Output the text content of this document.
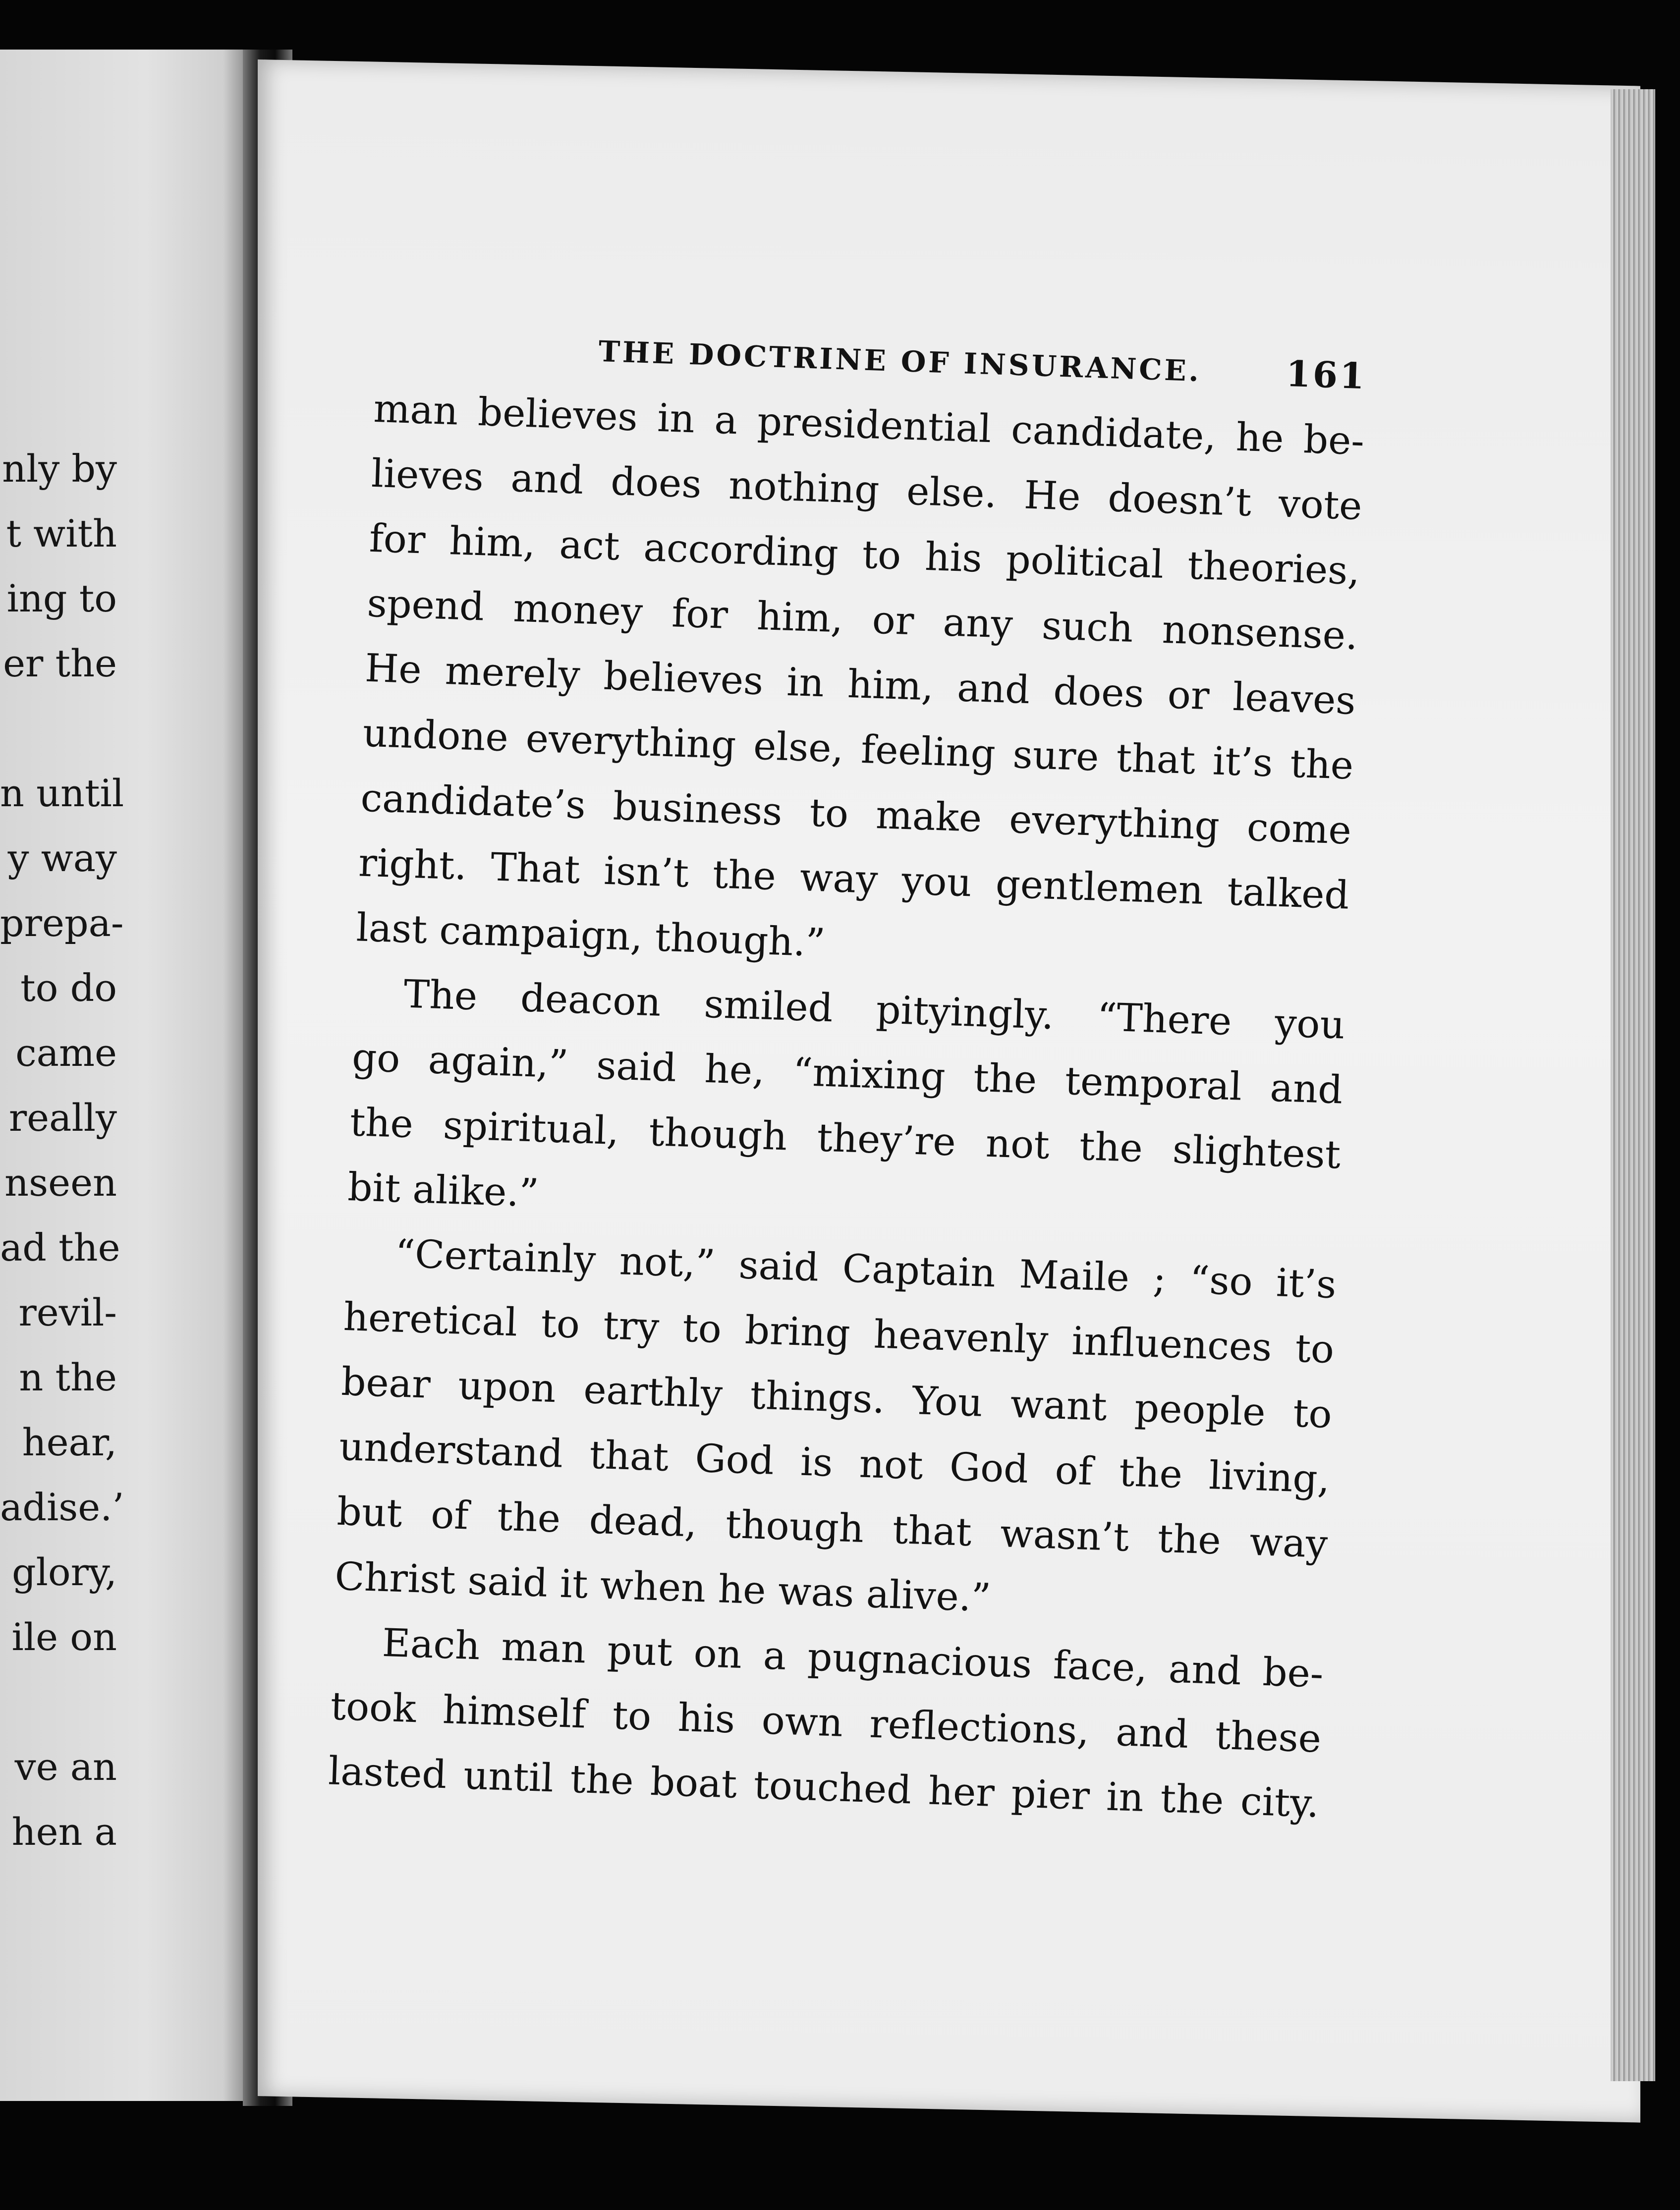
nly by
t with
ing to
er the
n until
y way
prepa-
to do
came
really
nseen
ad the
revil-
n the
hear,
adise.’
glory,
ile on
ve an
hen a
THE DOCTRINE OF INSURANCE. 161
man believes in a presidential candidate, he be-
lieves and does nothing else. He doesn’t vote
for him, act according to his political theories,
spend money for him, or any such nonsense.
He merely believes in him, and does or leaves
undone everything else, feeling sure that it’s the
candidate’s business to make everything come
right. That isn’t the way you gentlemen talked
last campaign, though.”
The deacon smiled pityingly. “There you
go again,” said he, “mixing the temporal and
the spiritual, though they’re not the slightest
bit alike.”
“Certainly not,” said Captain Maile ; “so it’s
heretical to try to bring heavenly influences to
bear upon earthly things. You want people to
understand that God is not God of the living,
but of the dead, though that wasn’t the way
Christ said it when he was alive.”
Each man put on a pugnacious face, and be-
took himself to his own reflections, and these
lasted until the boat touched her pier in the city.
